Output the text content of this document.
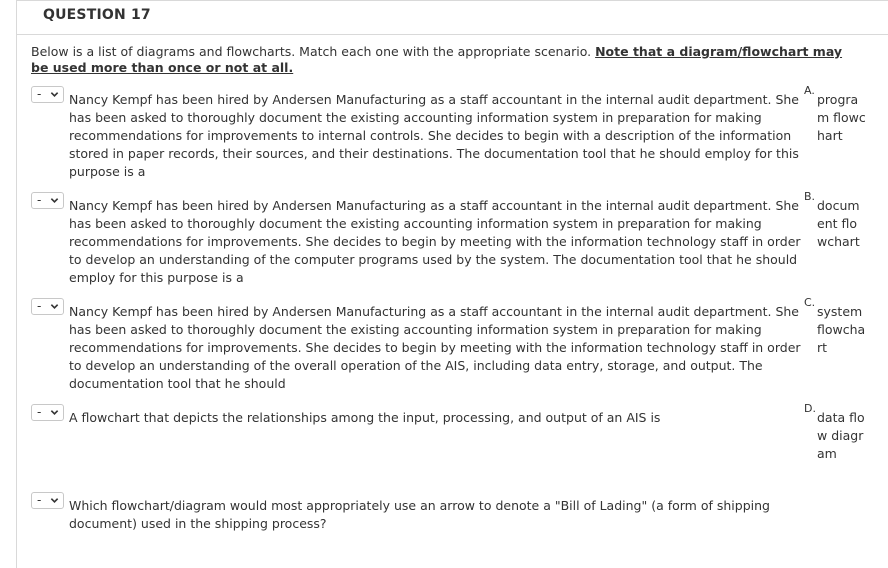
QUESTION 17
Below is a list of diagrams and flowcharts. Match each one with the appropriate scenario. Note that a diagram/flowchart may be used more than once or not at all.
- Nancy Kempf has been hired by Andersen Manufacturing as a staff accountant in the internal audit department. She has been asked to thoroughly document the existing accounting information system in preparation for making recommendations for improvements to internal controls. She decides to begin with a description of the information stored in paper records, their sources, and their destinations. The documentation tool that he should employ for this purpose is a
- Nancy Kempf has been hired by Andersen Manufacturing as a staff accountant in the internal audit department. She has been asked to thoroughly document the existing accounting information system in preparation for making recommendations for improvements. She decides to begin by meeting with the information technology staff in order to develop an understanding of the computer programs used by the system. The documentation tool that he should employ for this purpose is a
- Nancy Kempf has been hired by Andersen Manufacturing as a staff accountant in the internal audit department. She has been asked to thoroughly document the existing accounting information system in preparation for making recommendations for improvements. She decides to begin by meeting with the information technology staff in order to develop an understanding of the overall operation of the AIS, including data entry, storage, and output. The documentation tool that he should
- A flowchart that depicts the relationships among the input, processing, and output of an AIS is
- Which flowchart/diagram would most appropriately use an arrow to denote a "Bill of Lading" (a form of shipping document) used in the shipping process?
A.
program flowchart
B.
document flowchart
C.
system flowchart
D.
data flow diagram
